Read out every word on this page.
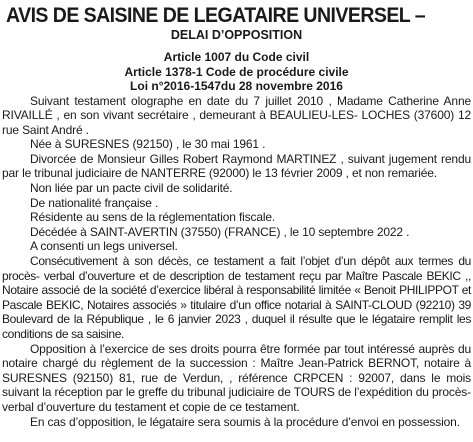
AVIS DE SAISINE DE LEGATAIRE UNIVERSEL –
DELAI D’OPPOSITION
Article 1007 du Code civil
Article 1378-1 Code de procédure civile
Loi n°2016-1547du 28 novembre 2016

Suivant testament olographe en date du 7 juillet 2010 , Madame Catherine Anne RIVAILLÉ , en son vivant secrétaire , demeurant à BEAULIEU-LES- LOCHES (37600) 12 rue Saint André .

Née à SURESNES (92150) , le 30 mai 1961 .

Divorcée de Monsieur Gilles Robert Raymond MARTINEZ , suivant jugement rendu par le tribunal judiciaire de NANTERRE (92000) le 13 février 2009 , et non remariée.

Non liée par un pacte civil de solidarité.

De nationalité française .

Résidente au sens de la réglementation fiscale.

Décédée à SAINT-AVERTIN (37550) (FRANCE) , le 10 septembre 2022 .

A consenti un legs universel.

Consécutivement à son décès, ce testament a fait l’objet d’un dépôt aux termes du procès- verbal d’ouverture et de description de testament reçu par Maître Pascale BEKIC ,, Notaire associé de la société d’exercice libéral à responsabilité limitée « Benoit PHILIPPOT et Pascale BEKIC, Notaires associés » titulaire d’un office notarial à SAINT-CLOUD (92210) 39 Boulevard de la République , le 6 janvier 2023 , duquel il résulte que le légataire remplit les conditions de sa saisine.

Opposition à l’exercice de ses droits pourra être formée par tout intéressé auprès du notaire chargé du règlement de la succession : Maître Jean-Patrick BERNOT, notaire à SURESNES (92150) 81, rue de Verdun, , référence CRPCEN : 92007, dans le mois suivant la réception par le greffe du tribunal judiciaire de TOURS de l’expédition du procès-verbal d’ouverture du testament et copie de ce testament.

En cas d’opposition, le légataire sera soumis à la procédure d’envoi en possession.
